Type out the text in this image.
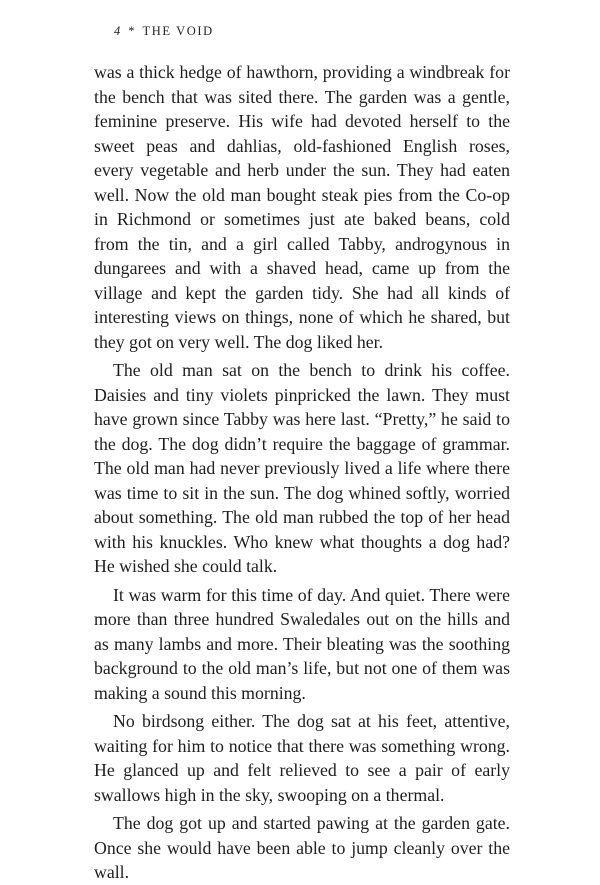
4 * THE VOID

was a thick hedge of hawthorn, providing a windbreak for the bench that was sited there. The garden was a gentle, feminine preserve. His wife had devoted herself to the sweet peas and dahlias, old-fashioned English roses, every vegetable and herb under the sun. They had eaten well. Now the old man bought steak pies from the Co-op in Richmond or sometimes just ate baked beans, cold from the tin, and a girl called Tabby, androgynous in dungarees and with a shaved head, came up from the village and kept the garden tidy. She had all kinds of interesting views on things, none of which he shared, but they got on very well. The dog liked her.

The old man sat on the bench to drink his coffee. Daisies and tiny violets pinpricked the lawn. They must have grown since Tabby was here last. “Pretty,” he said to the dog. The dog didn’t require the baggage of grammar. The old man had never previously lived a life where there was time to sit in the sun. The dog whined softly, worried about something. The old man rubbed the top of her head with his knuckles. Who knew what thoughts a dog had? He wished she could talk.

It was warm for this time of day. And quiet. There were more than three hundred Swaledales out on the hills and as many lambs and more. Their bleating was the soothing background to the old man’s life, but not one of them was making a sound this morning.

No birdsong either. The dog sat at his feet, attentive, waiting for him to notice that there was something wrong. He glanced up and felt relieved to see a pair of early swallows high in the sky, swooping on a thermal.

The dog got up and started pawing at the garden gate. Once she would have been able to jump cleanly over the wall.
